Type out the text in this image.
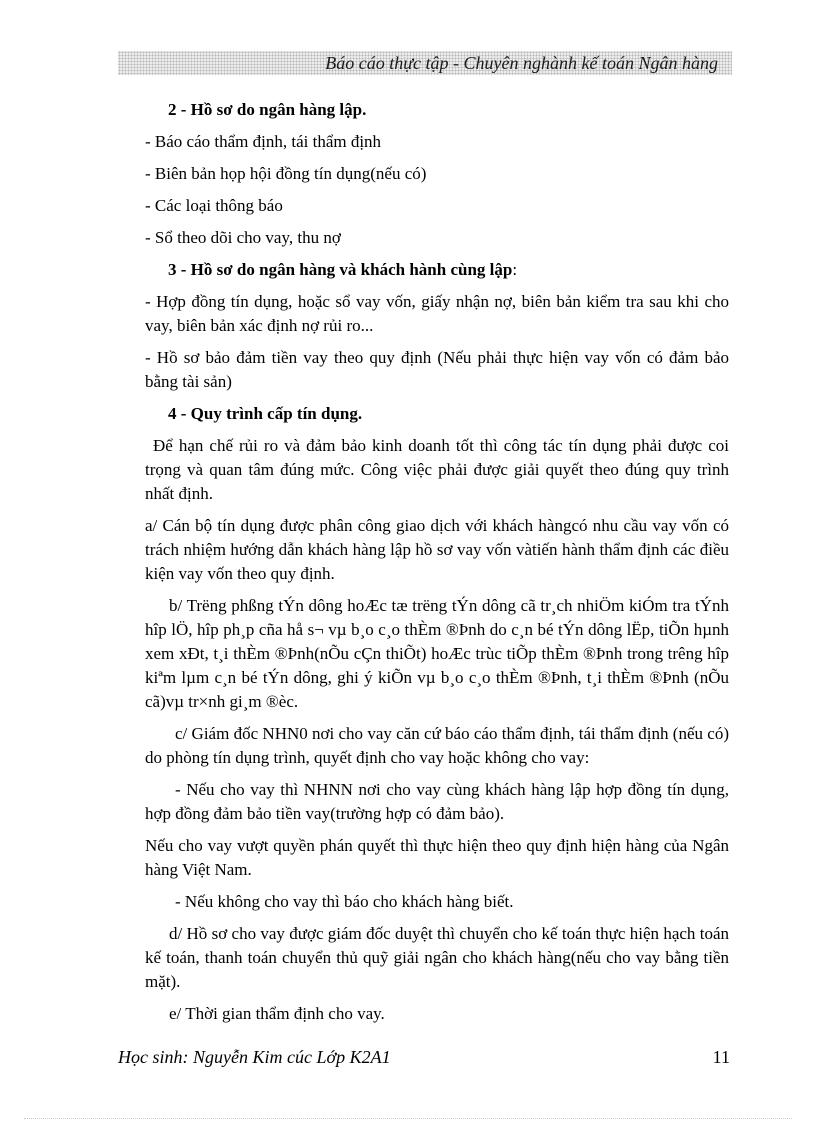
Báo cáo thực tập - Chuyên nghành kế toán Ngân hàng

2 - Hồ sơ do ngân hàng lập.

- Báo cáo thẩm định, tái thẩm định

- Biên bản họp hội đồng tín dụng(nếu có)

- Các loại thông báo

- Sổ theo dõi cho vay, thu nợ

3 - Hồ sơ do ngân hàng và khách hành cùng lập:

- Hợp đồng tín dụng, hoặc sổ vay vốn, giấy nhận nợ, biên bản kiểm tra sau khi cho vay, biên bản xác định nợ rủi ro...

- Hồ sơ bảo đảm tiền vay theo quy định (Nếu phải thực hiện vay vốn có đảm bảo bằng tài sản)

4 - Quy trình cấp tín dụng.

Để hạn chế rủi ro và đảm bảo kinh doanh tốt thì công tác tín dụng phải được coi trọng và quan tâm đúng mức. Công việc phải được giải quyết theo đúng quy trình nhất định.

a/ Cán bộ tín dụng được phân công giao dịch với khách hàngcó nhu cầu vay vốn có trách nhiệm hướng dẫn khách hàng lập hồ sơ vay vốn vàtiến hành thẩm định các điều kiện vay vốn theo quy định.

b/ Trëng phßng tÝn dông hoÆc tæ trëng tÝn dông cã tr¸ch nhiÖm kiÓm tra tÝnh hîp lÖ, hîp ph¸p cña hå s¬ vµ b¸o c¸o thÈm ®Þnh do c¸n bé tÝn dông lËp, tiÕn hµnh xem xÐt, t¸i thÈm ®Þnh(nÕu cÇn thiÕt) hoÆc trùc tiÕp thÈm ®Þnh trong trêng hîp kiªm lµm c¸n bé tÝn dông, ghi ý kiÕn vµ b¸o c¸o thÈm ®Þnh, t¸i thÈm ®Þnh (nÕu cã)vµ tr×nh gi¸m ®èc.

c/ Giám đốc NHN0 nơi cho vay căn cứ báo cáo thẩm định, tái thẩm định (nếu có) do phòng tín dụng trình, quyết định cho vay hoặc không cho vay:

- Nếu cho vay thì NHNN nơi cho vay cùng khách hàng lập hợp đồng tín dụng, hợp đồng đảm bảo tiền vay(trường hợp có đảm bảo).

Nếu cho vay vượt quyền phán quyết thì thực hiện theo quy định hiện hàng của Ngân hàng Việt Nam.

- Nếu không cho vay thì báo cho khách hàng biết.

d/ Hồ sơ cho vay được giám đốc duyệt thì chuyển cho kế toán thực hiện hạch toán kế toán, thanh toán chuyển thủ quỹ giải ngân cho khách hàng(nếu cho vay bằng tiền mặt).

e/ Thời gian thẩm định cho vay.

Học sinh: Nguyễn Kim cúc Lớp K2A1	11
